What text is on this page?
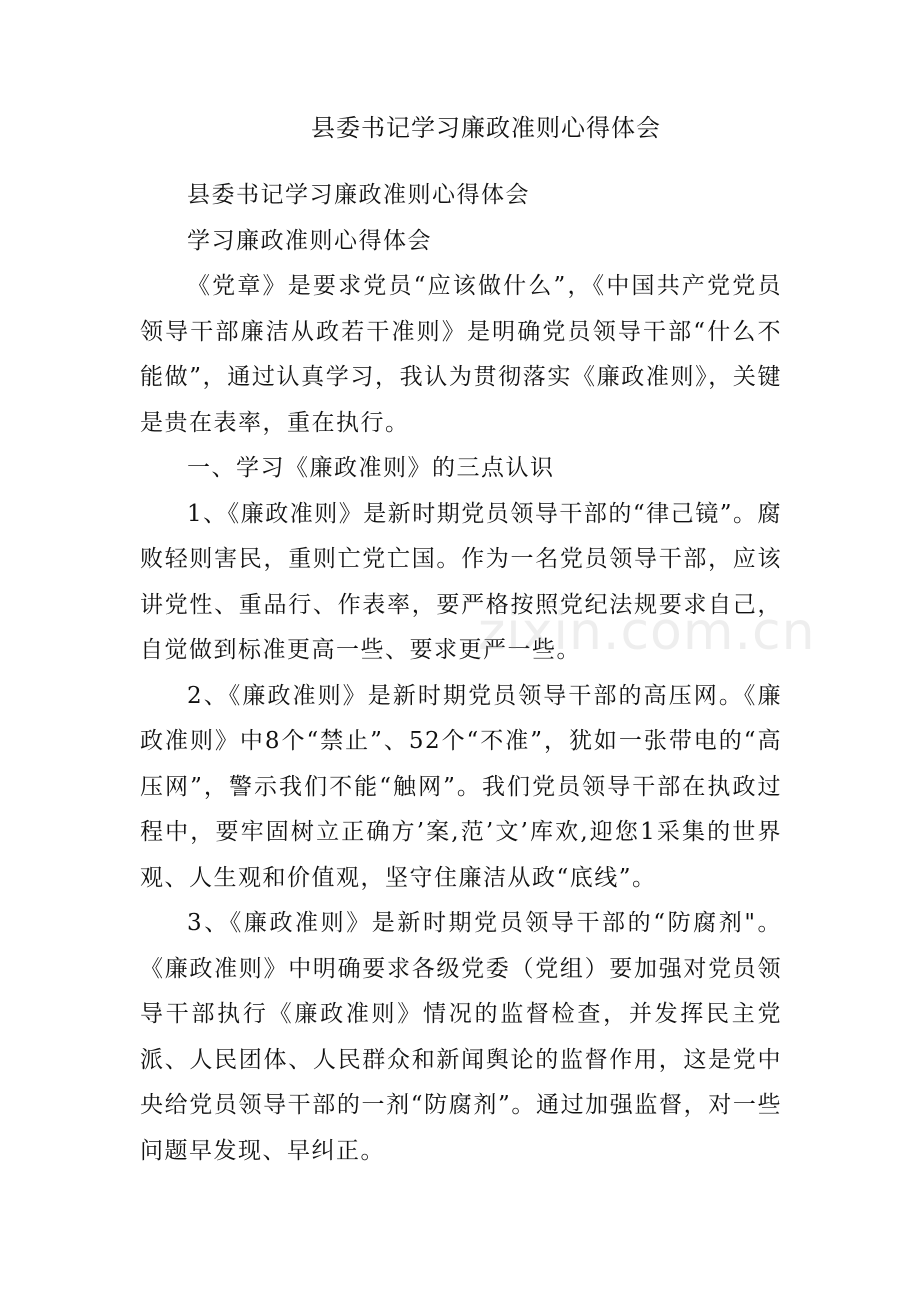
县委书记学习廉政准则心得体会

县委书记学习廉政准则心得体会

学习廉政准则心得体会

《党章》是要求党员“应该做什么”，《中国共产党党员领导干部廉洁从政若干准则》是明确党员领导干部“什么不能做”，通过认真学习，我认为贯彻落实《廉政准则》，关键是贵在表率，重在执行。

一、学习《廉政准则》的三点认识

1、《廉政准则》是新时期党员领导干部的“律己镜”。腐败轻则害民，重则亡党亡国。作为一名党员领导干部，应该讲党性、重品行、作表率，要严格按照党纪法规要求自己，自觉做到标准更高一些、要求更严一些。

2、《廉政准则》是新时期党员领导干部的高压网。《廉政准则》中8个“禁止”、52个“不准”，犹如一张带电的“高压网”，警示我们不能“触网”。我们党员领导干部在执政过程中，要牢固树立正确方’案,范’文’库欢,迎您1采集的世界观、人生观和价值观，坚守住廉洁从政“底线”。

3、《廉政准则》是新时期党员领导干部的“防腐剂"。《廉政准则》中明确要求各级党委（党组）要加强对党员领导干部执行《廉政准则》情况的监督检查，并发挥民主党派、人民团体、人民群众和新闻舆论的监督作用，这是党中央给党员领导干部的一剂“防腐剂”。通过加强监督，对一些问题早发现、早纠正。

zixin.com.cn
